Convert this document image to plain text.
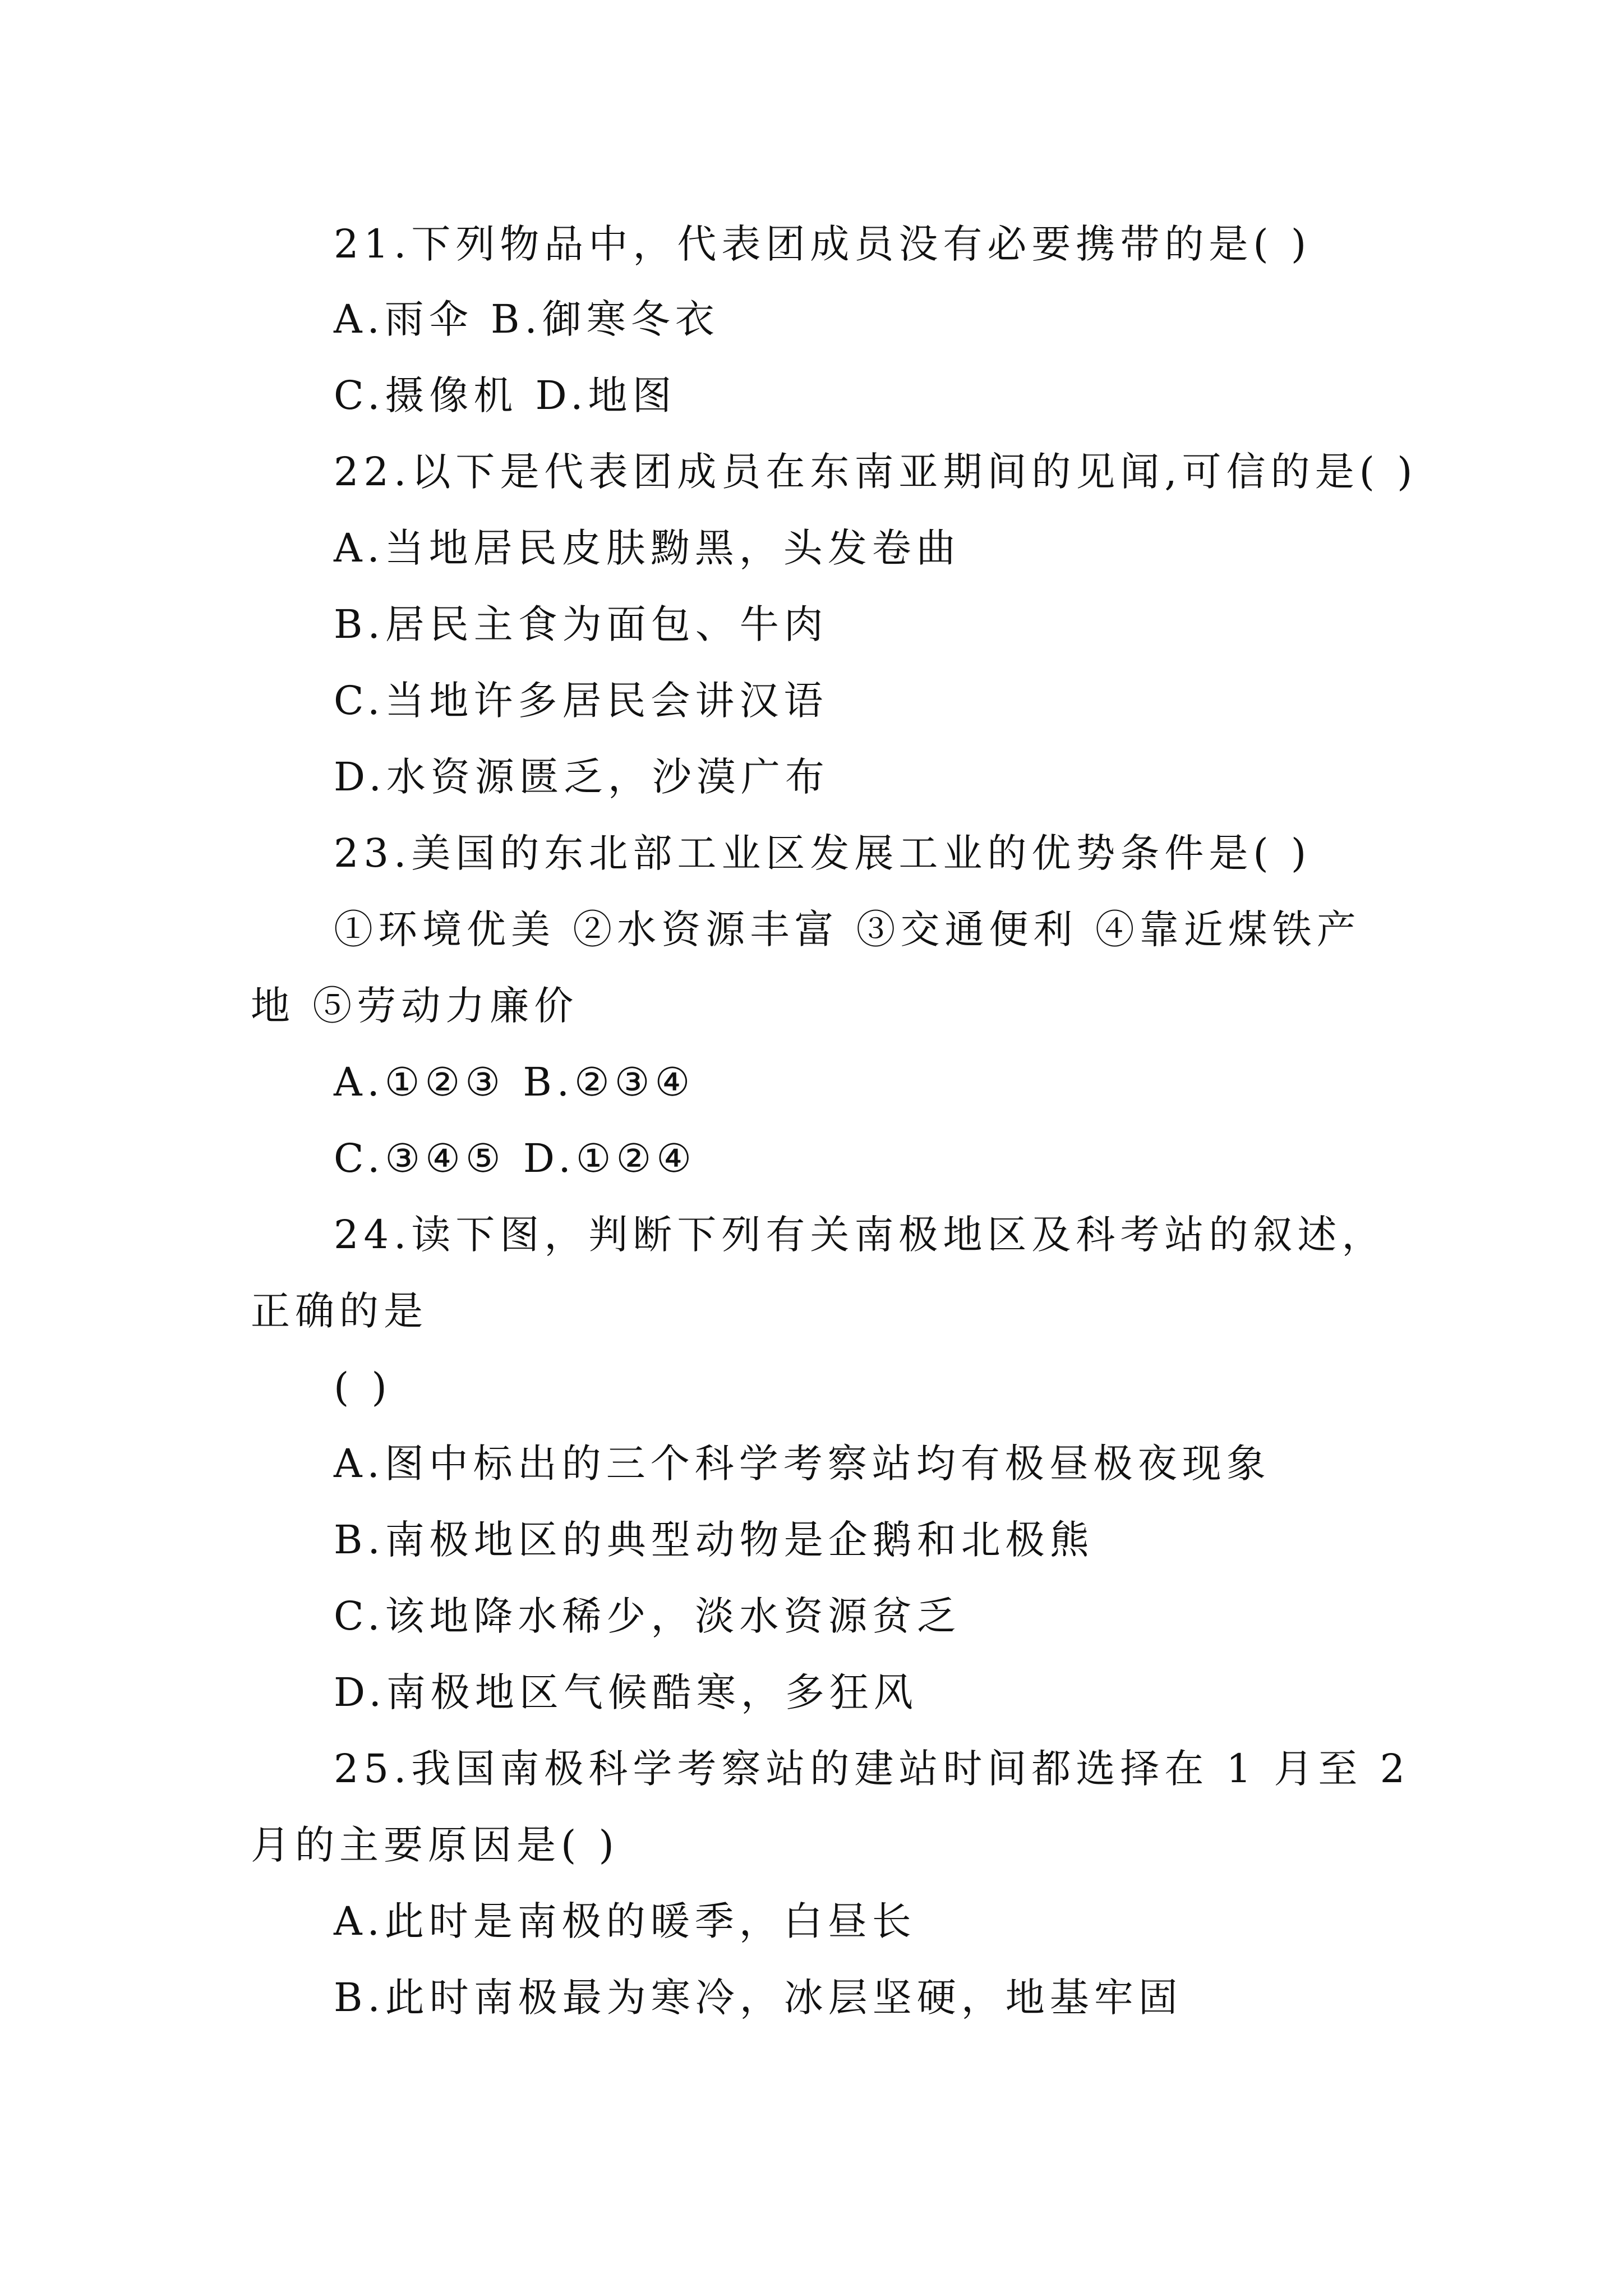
21.下列物品中，代表团成员没有必要携带的是( )
A.雨伞 B.御寒冬衣
C.摄像机 D.地图
22.以下是代表团成员在东南亚期间的见闻,可信的是( )
A.当地居民皮肤黝黑，头发卷曲
B.居民主食为面包、牛肉
C.当地许多居民会讲汉语
D.水资源匮乏，沙漠广布
23.美国的东北部工业区发展工业的优势条件是( )
①环境优美 ②水资源丰富 ③交通便利 ④靠近煤铁产
地 ⑤劳动力廉价
A.①②③ B.②③④
C.③④⑤ D.①②④
24.读下图，判断下列有关南极地区及科考站的叙述，
正确的是
( )
A.图中标出的三个科学考察站均有极昼极夜现象
B.南极地区的典型动物是企鹅和北极熊
C.该地降水稀少，淡水资源贫乏
D.南极地区气候酷寒，多狂风
25.我国南极科学考察站的建站时间都选择在 1 月至 2
月的主要原因是( )
A.此时是南极的暖季，白昼长
B.此时南极最为寒冷，冰层坚硬，地基牢固
